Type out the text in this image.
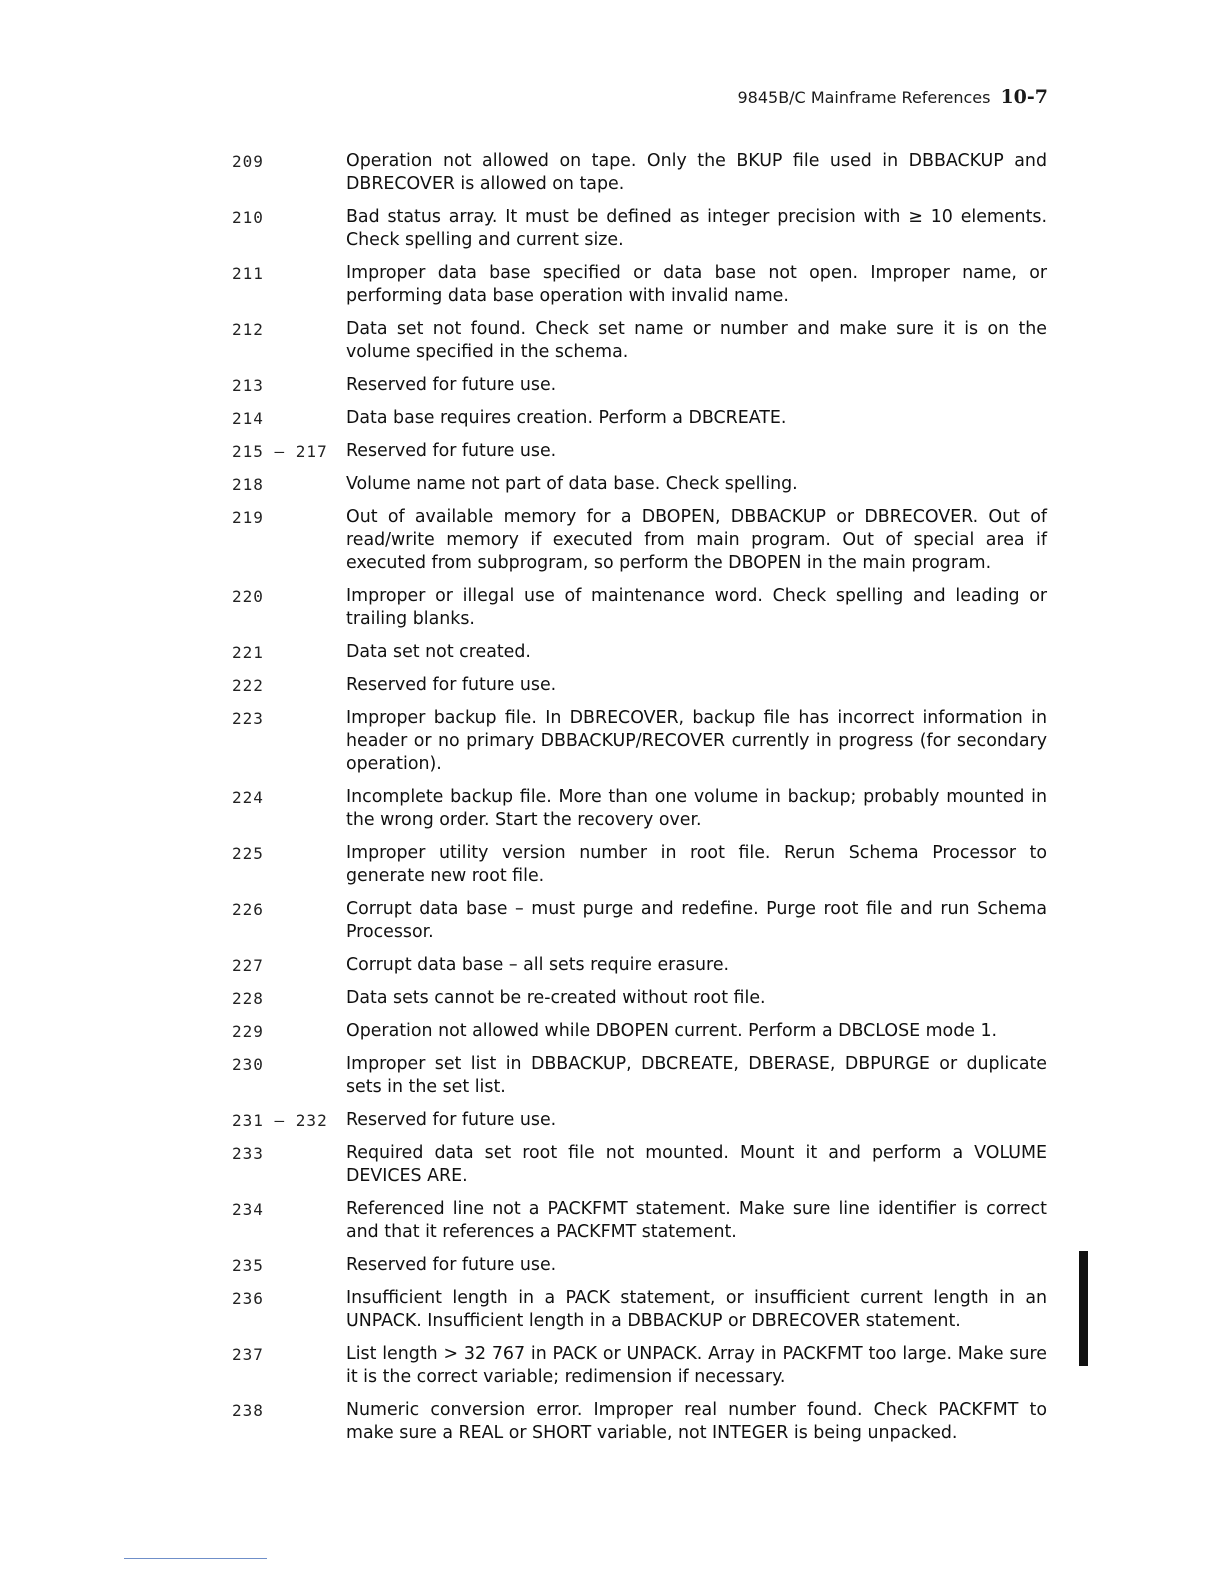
9845B/C Mainframe References 10-7
209	Operation not allowed on tape. Only the BKUP file used in DBBACKUP and DBRECOVER is allowed on tape.

210	Bad status array. It must be defined as integer precision with ≥ 10 elements. Check spelling and current size.

211	Improper data base specified or data base not open. Improper name, or performing data base operation with invalid name.

212	Data set not found. Check set name or number and make sure it is on the volume specified in the schema.

213	Reserved for future use.

214	Data base requires creation. Perform a DBCREATE.

215 – 217 Reserved for future use.

218	Volume name not part of data base. Check spelling.

219	Out of available memory for a DBOPEN, DBBACKUP or DBRECOVER. Out of read/write memory if executed from main program. Out of special area if executed from subprogram, so perform the DBOPEN in the main program.

220	Improper or illegal use of maintenance word. Check spelling and leading or trailing blanks.

221	Data set not created.

222	Reserved for future use.

223	Improper backup file. In DBRECOVER, backup file has incorrect information in header or no primary DBBACKUP/RECOVER currently in progress (for secondary operation).

224	Incomplete backup file. More than one volume in backup; probably mounted in the wrong order. Start the recovery over.

225	Improper utility version number in root file. Rerun Schema Processor to generate new root file.

226	Corrupt data base – must purge and redefine. Purge root file and run Schema Processor.

227	Corrupt data base – all sets require erasure.

228	Data sets cannot be re-created without root file.

229	Operation not allowed while DBOPEN current. Perform a DBCLOSE mode 1.

230	Improper set list in DBBACKUP, DBCREATE, DBERASE, DBPURGE or duplicate sets in the set list.

231 – 232 Reserved for future use.

233	Required data set root file not mounted. Mount it and perform a VOLUME DEVICES ARE.

234	Referenced line not a PACKFMT statement. Make sure line identifier is correct and that it references a PACKFMT statement.

235	Reserved for future use.

236	Insufficient length in a PACK statement, or insufficient current length in an UNPACK. Insufficient length in a DBBACKUP or DBRECOVER statement.

237	List length > 32 767 in PACK or UNPACK. Array in PACKFMT too large. Make sure it is the correct variable; redimension if necessary.

238	Numeric conversion error. Improper real number found. Check PACKFMT to make sure a REAL or SHORT variable, not INTEGER is being unpacked.
